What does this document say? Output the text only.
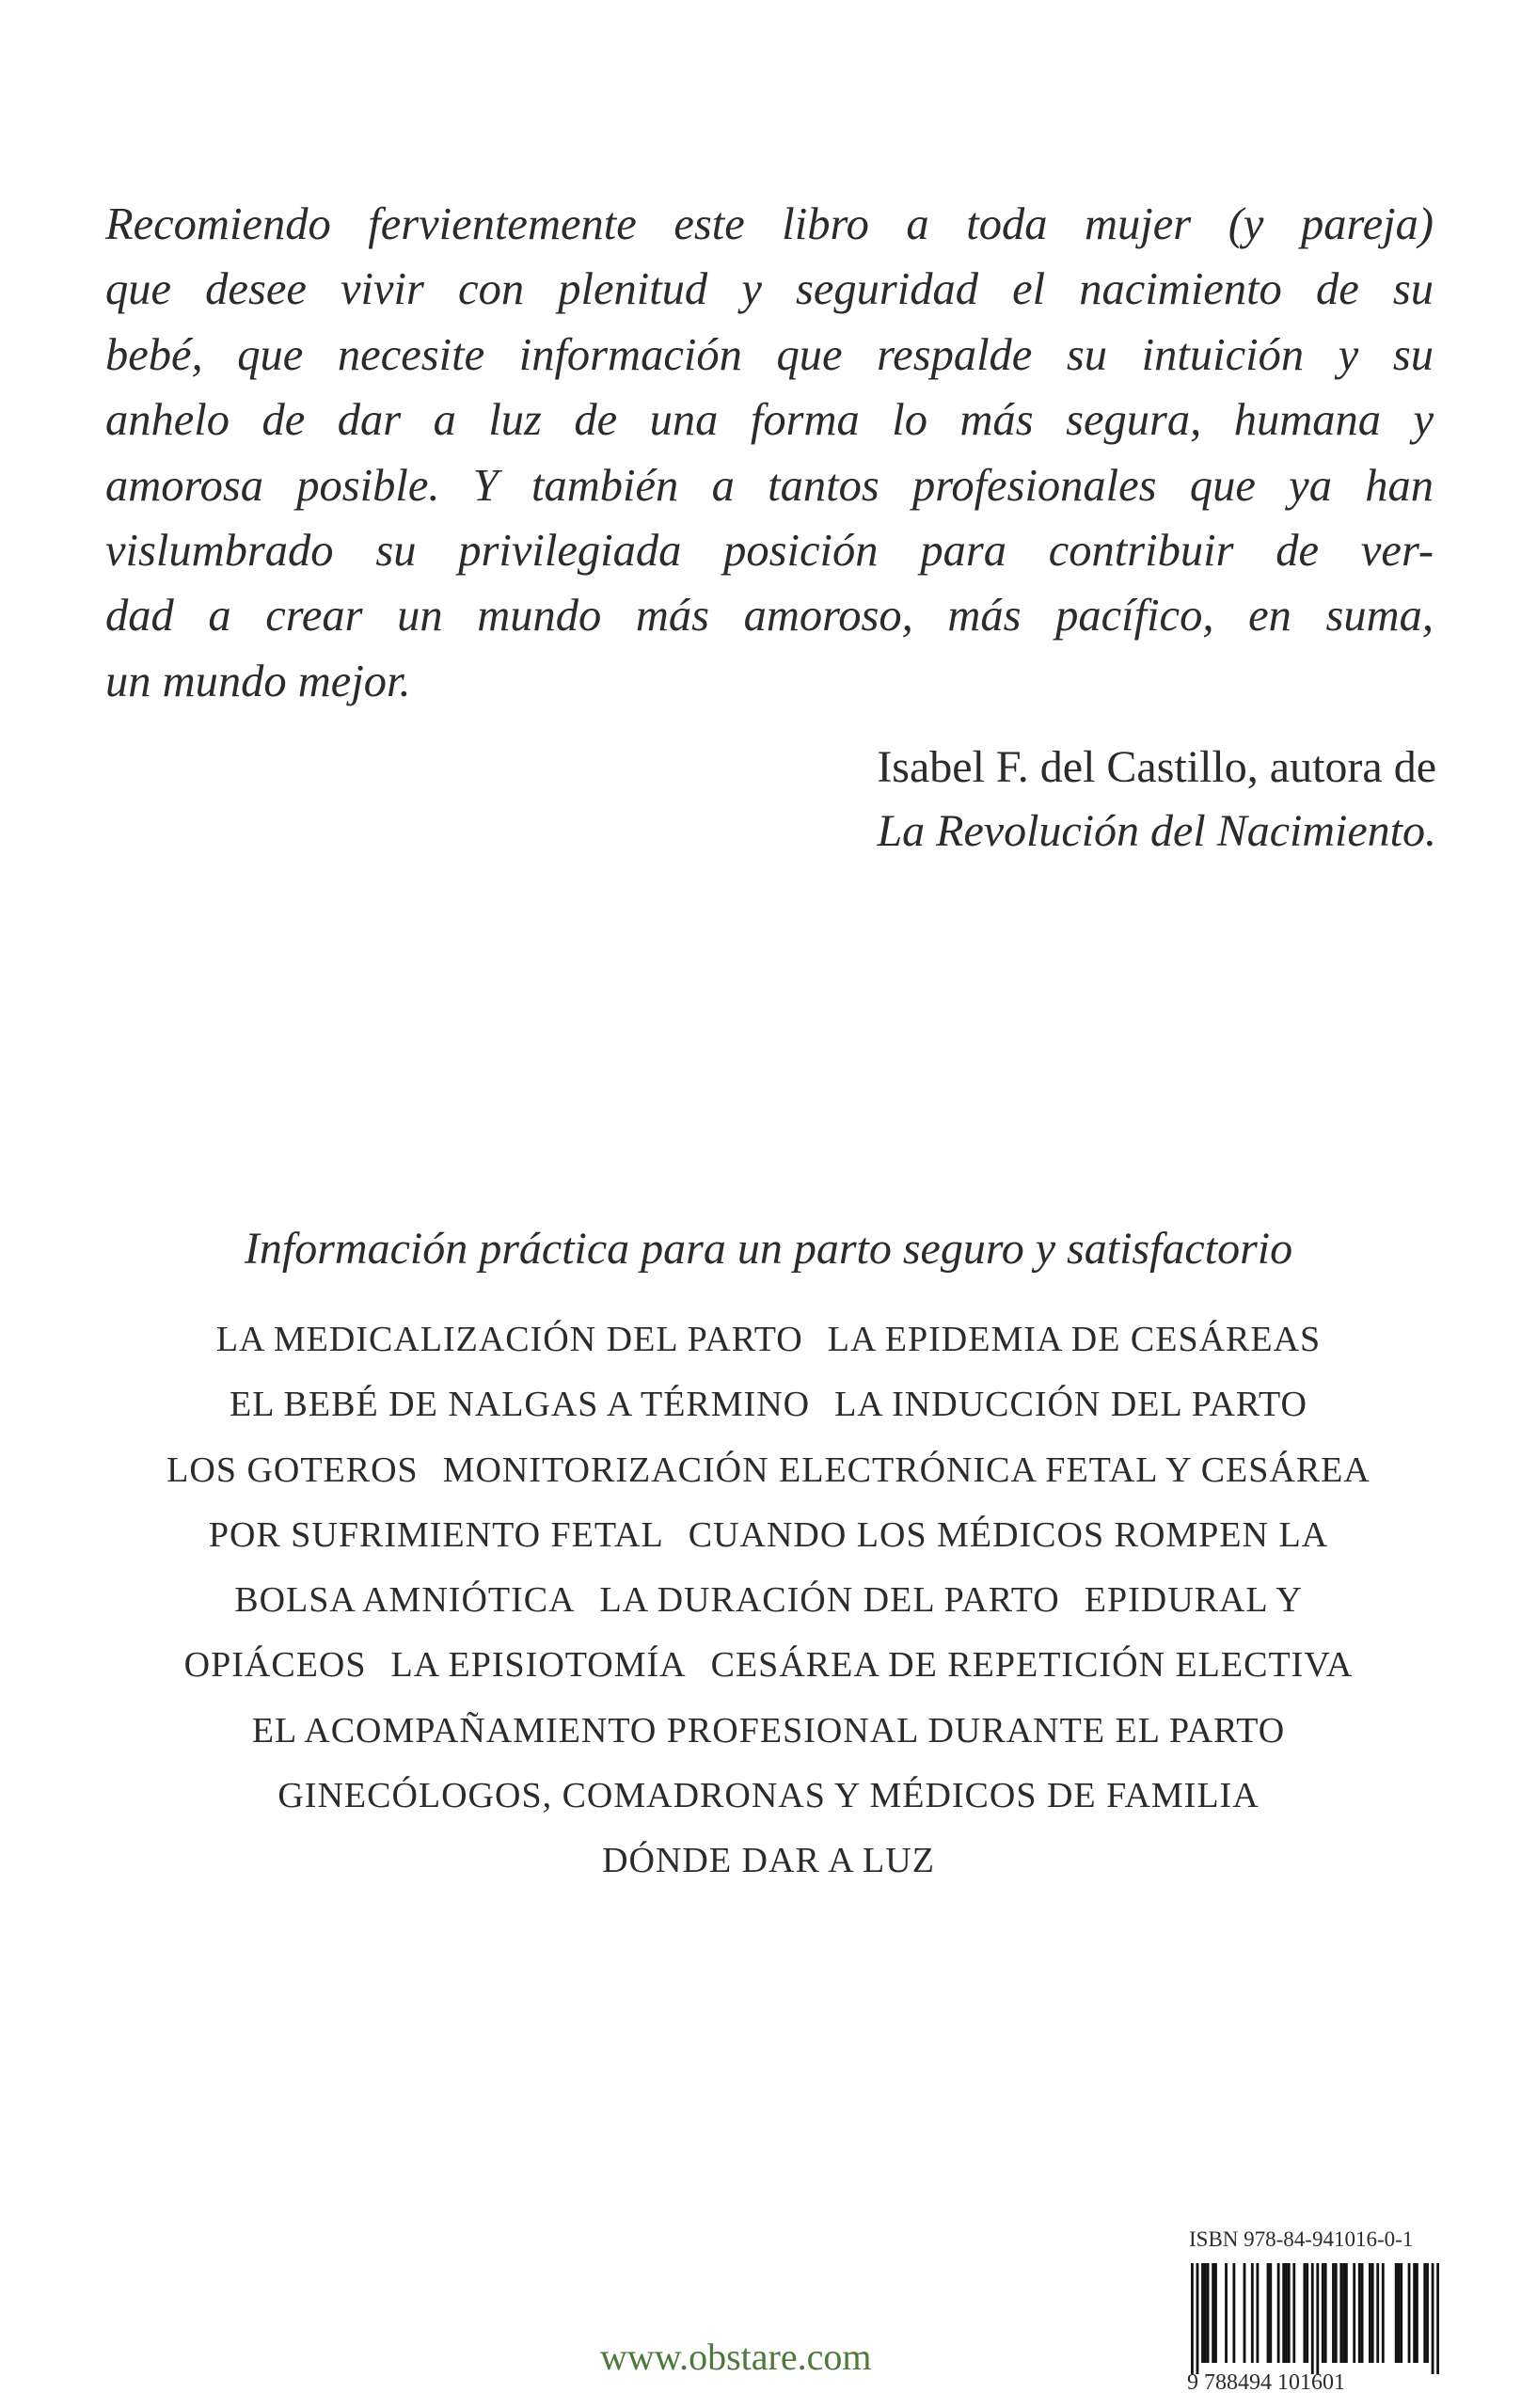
Recomiendo fervientemente este libro a toda mujer (y pareja)
que desee vivir con plenitud y seguridad el nacimiento de su
bebé, que necesite información que respalde su intuición y su
anhelo de dar a luz de una forma lo más segura, humana y
amorosa posible. Y también a tantos profesionales que ya han
vislumbrado su privilegiada posición para contribuir de ver-
dad a crear un mundo más amoroso, más pacífico, en suma,
un mundo mejor.
Isabel F. del Castillo, autora de
La Revolución del Nacimiento.
Información práctica para un parto seguro y satisfactorio
LA MEDICALIZACIÓN DEL PARTO LA EPIDEMIA DE CESÁREAS
EL BEBÉ DE NALGAS A TÉRMINO LA INDUCCIÓN DEL PARTO
LOS GOTEROS MONITORIZACIÓN ELECTRÓNICA FETAL Y CESÁREA
POR SUFRIMIENTO FETAL CUANDO LOS MÉDICOS ROMPEN LA
BOLSA AMNIÓTICA LA DURACIÓN DEL PARTO EPIDURAL Y
OPIÁCEOS LA EPISIOTOMÍA CESÁREA DE REPETICIÓN ELECTIVA
EL ACOMPAÑAMIENTO PROFESIONAL DURANTE EL PARTO
GINECÓLOGOS, COMADRONAS Y MÉDICOS DE FAMILIA
DÓNDE DAR A LUZ
ISBN 978-84-941016-0-1
9 788494 101601
www.obstare.com
